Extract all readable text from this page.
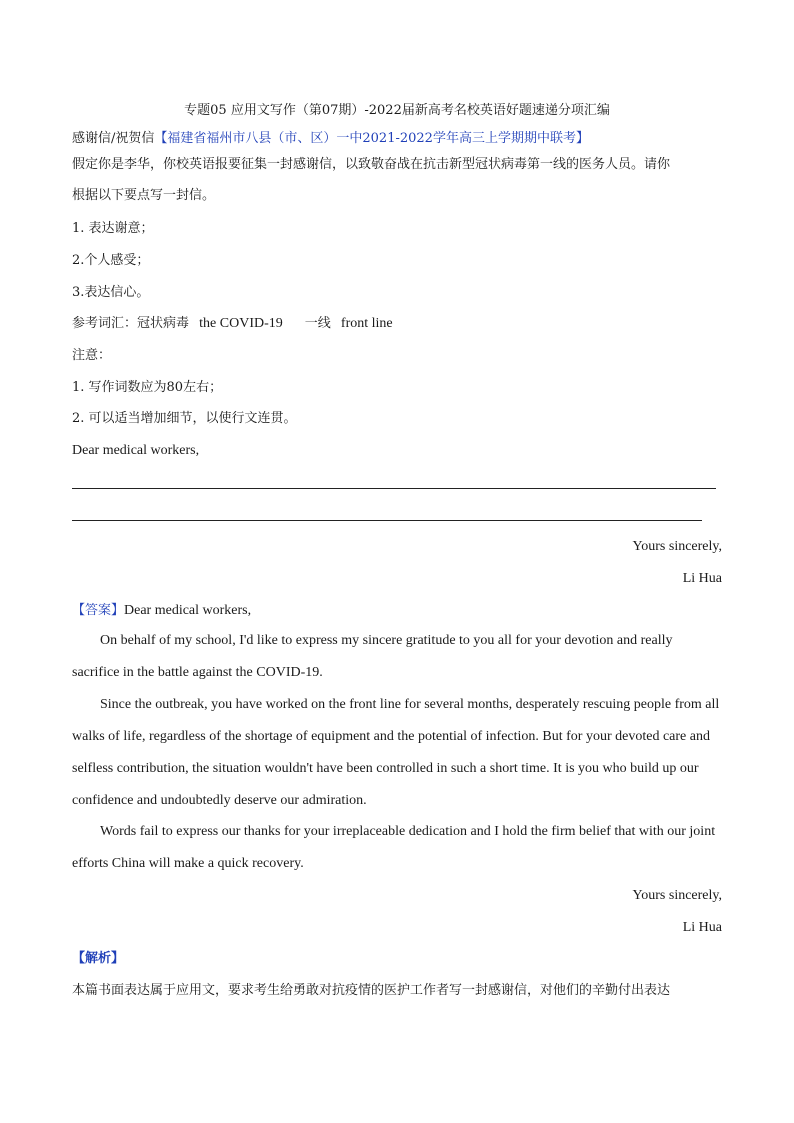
专题05 应用文写作（第07期）-2022届新高考名校英语好题速递分项汇编
感谢信/祝贺信【福建省福州市八县（市、区）一中2021-2022学年高三上学期期中联考】
假定你是李华，你校英语报要征集一封感谢信，以致敬奋战在抗击新型冠状病毒第一线的医务人员。请你
根据以下要点写一封信。
1. 表达谢意；
2.个人感受；
3.表达信心。
参考词汇：冠状病毒 the COVID-19 一线 front line
注意：
1. 写作词数应为80左右；
2. 可以适当增加细节，以使行文连贯。
Dear medical workers,
Yours sincerely,
Li Hua
【答案】Dear medical workers,
On behalf of my school, I'd like to express my sincere gratitude to you all for your devotion and really
sacrifice in the battle against the COVID-19.
Since the outbreak, you have worked on the front line for several months, desperately rescuing people from all
walks of life, regardless of the shortage of equipment and the potential of infection. But for your devoted care and
selfless contribution, the situation wouldn't have been controlled in such a short time. It is you who build up our
confidence and undoubtedly deserve our admiration.
Words fail to express our thanks for your irreplaceable dedication and I hold the firm belief that with our joint
efforts China will make a quick recovery.
Yours sincerely,
Li Hua
【解析】
本篇书面表达属于应用文，要求考生给勇敢对抗疫情的医护工作者写一封感谢信，对他们的辛勤付出表达
